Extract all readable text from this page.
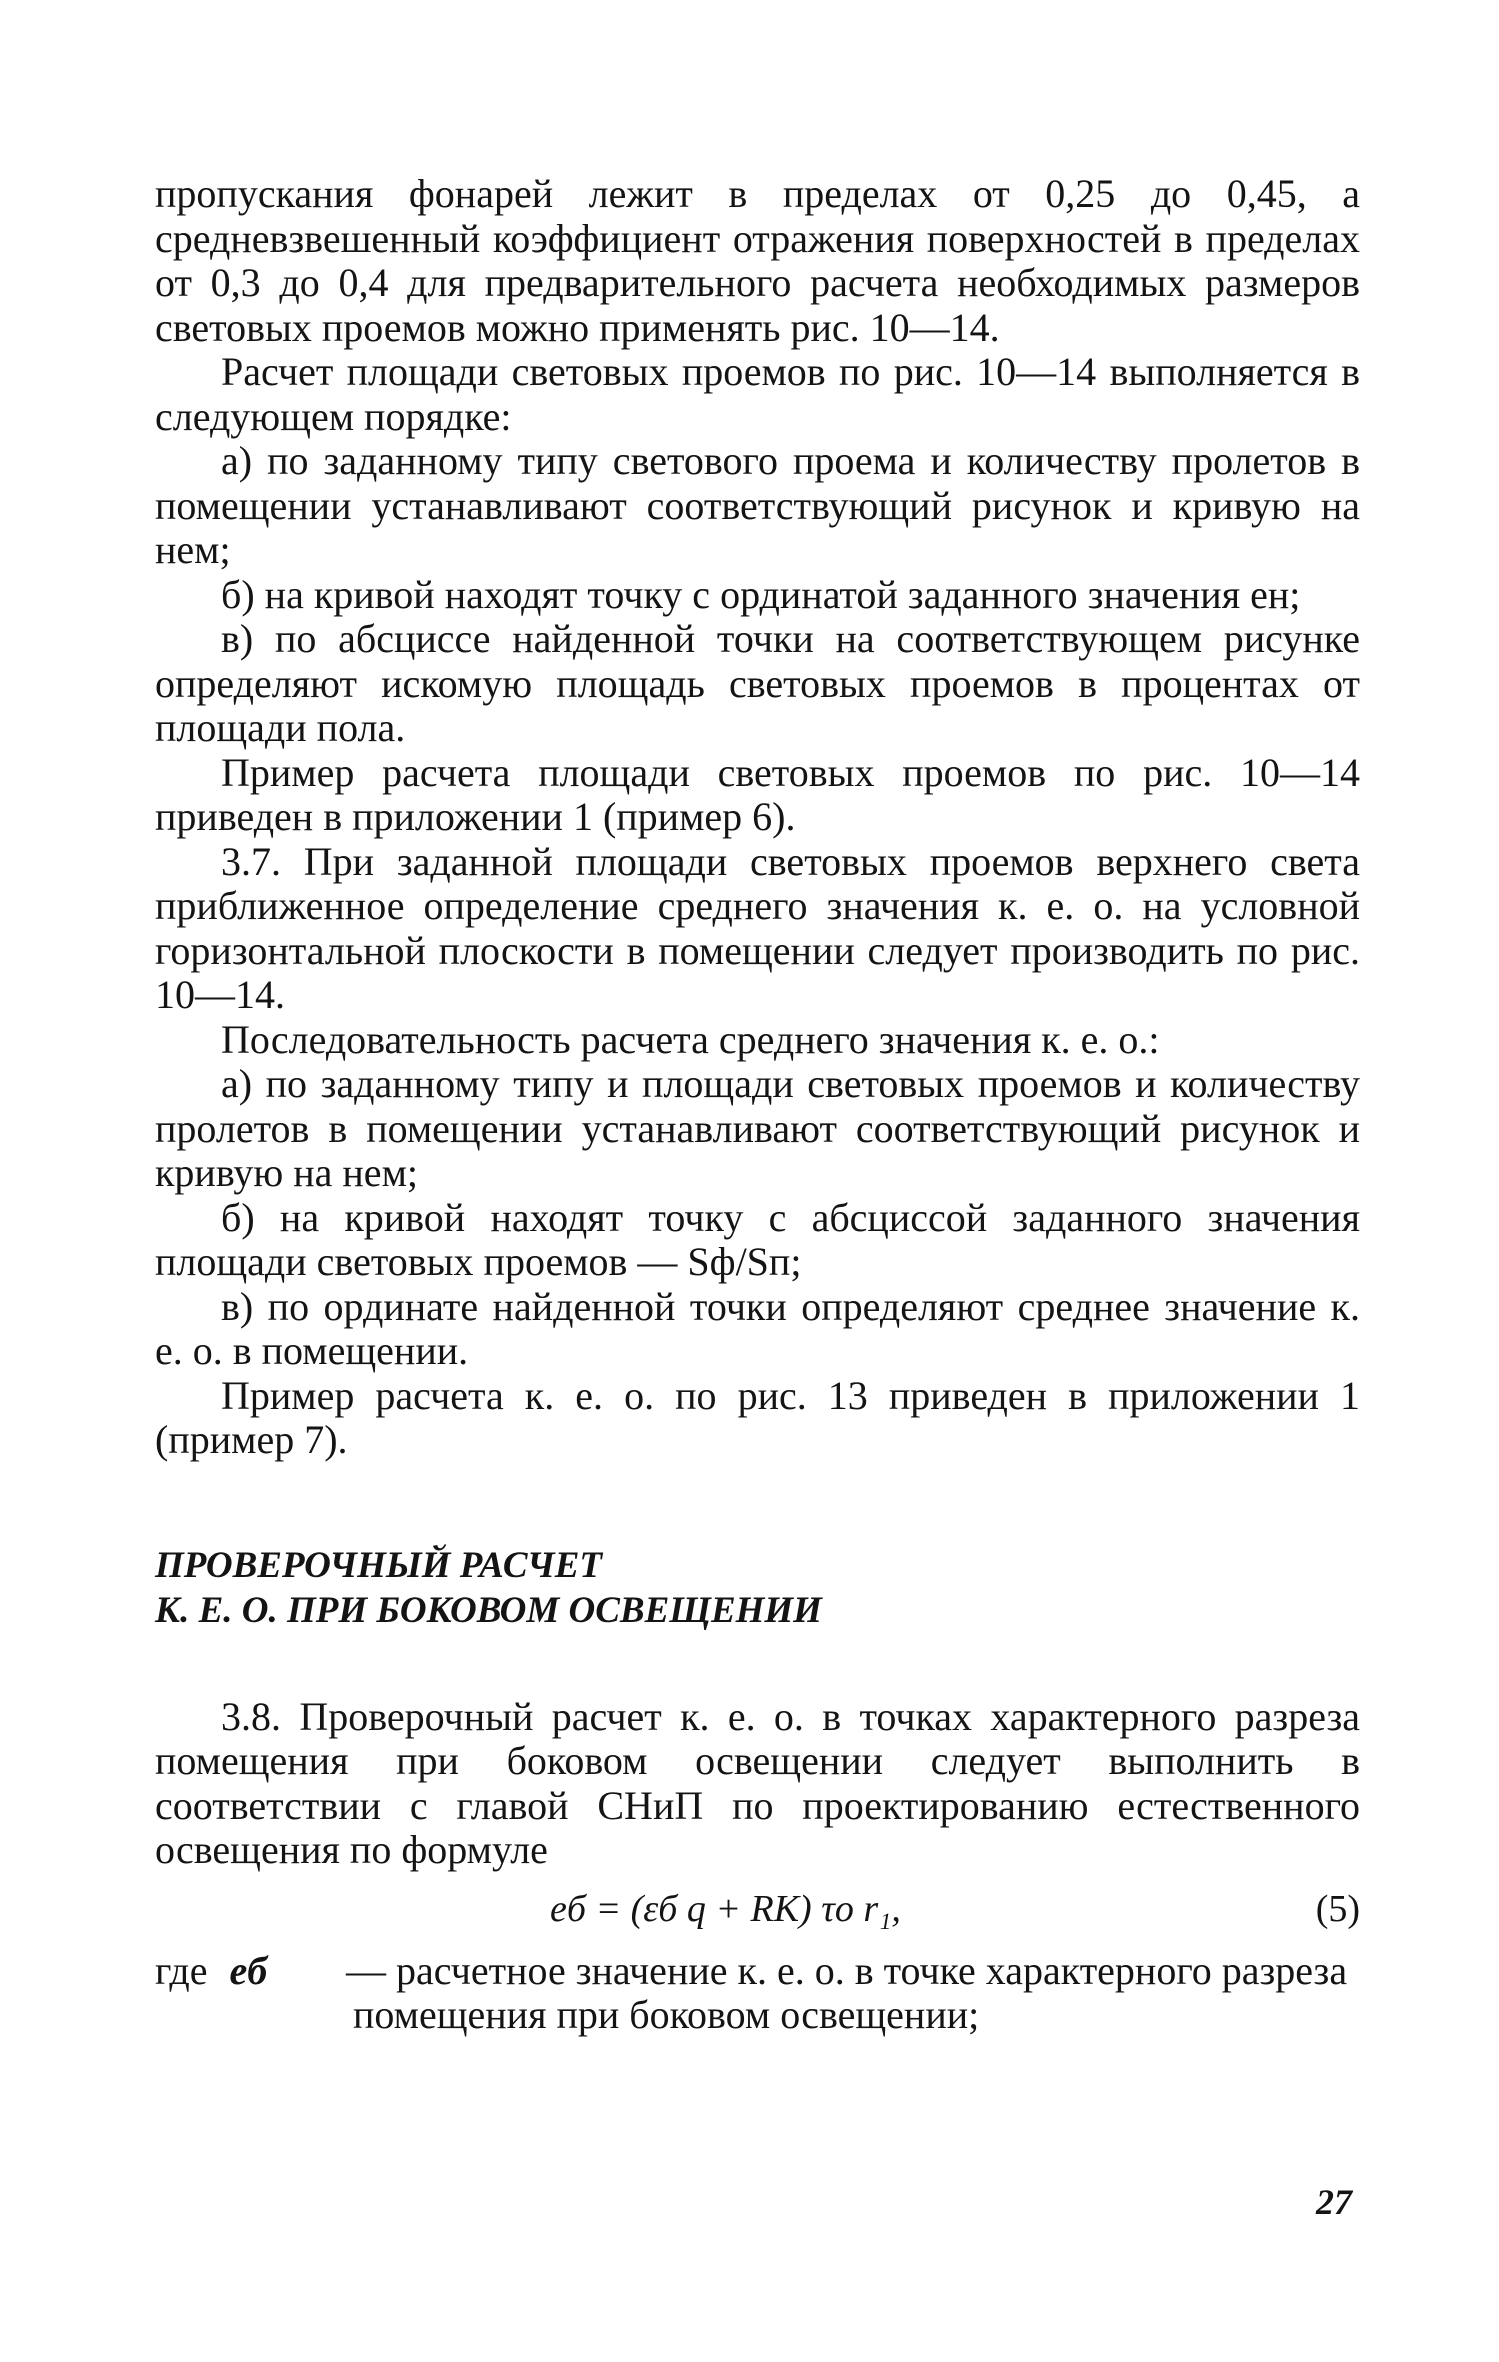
пропускания фонарей лежит в пределах от 0,25 до 0,45, а средневзвешенный коэффициент отражения поверхностей в пределах от 0,3 до 0,4 для предварительного расчета необходимых размеров световых проемов можно применять рис. 10—14.

Расчет площади световых проемов по рис. 10—14 выполняется в следующем порядке:

а) по заданному типу светового проема и количеству пролетов в помещении устанавливают соответствующий рисунок и кривую на нем;

б) на кривой находят точку с ординатой заданного значения eн;

в) по абсциссе найденной точки на соответствующем рисунке определяют искомую площадь световых проемов в процентах от площади пола.

Пример расчета площади световых проемов по рис. 10—14 приведен в приложении 1 (пример 6).

3.7. При заданной площади световых проемов верхнего света приближенное определение среднего значения к. е. о. на условной горизонтальной плоскости в помещении следует производить по рис. 10—14.

Последовательность расчета среднего значения к. е. о.:

а) по заданному типу и площади световых проемов и количеству пролетов в помещении устанавливают соответствующий рисунок и кривую на нем;

б) на кривой находят точку с абсциссой заданного значения площади световых проемов — Sф/Sп;

в) по ординате найденной точки определяют среднее значение к. е. о. в помещении.

Пример расчета к. е. о. по рис. 13 приведен в приложении 1 (пример 7).

ПРОВЕРОЧНЫЙ РАСЧЕТ
К. Е. О. ПРИ БОКОВОМ ОСВЕЩЕНИИ

3.8. Проверочный расчет к. е. о. в точках характерного разреза помещения при боковом освещении следует выполнить в соответствии с главой СНиП по проектированию естественного освещения по формуле

eб = (εб q + RK) τо r₁,	(5)
где eб — расчетное значение к. е. о. в точке характерного разреза помещения при боковом освещении;
27
